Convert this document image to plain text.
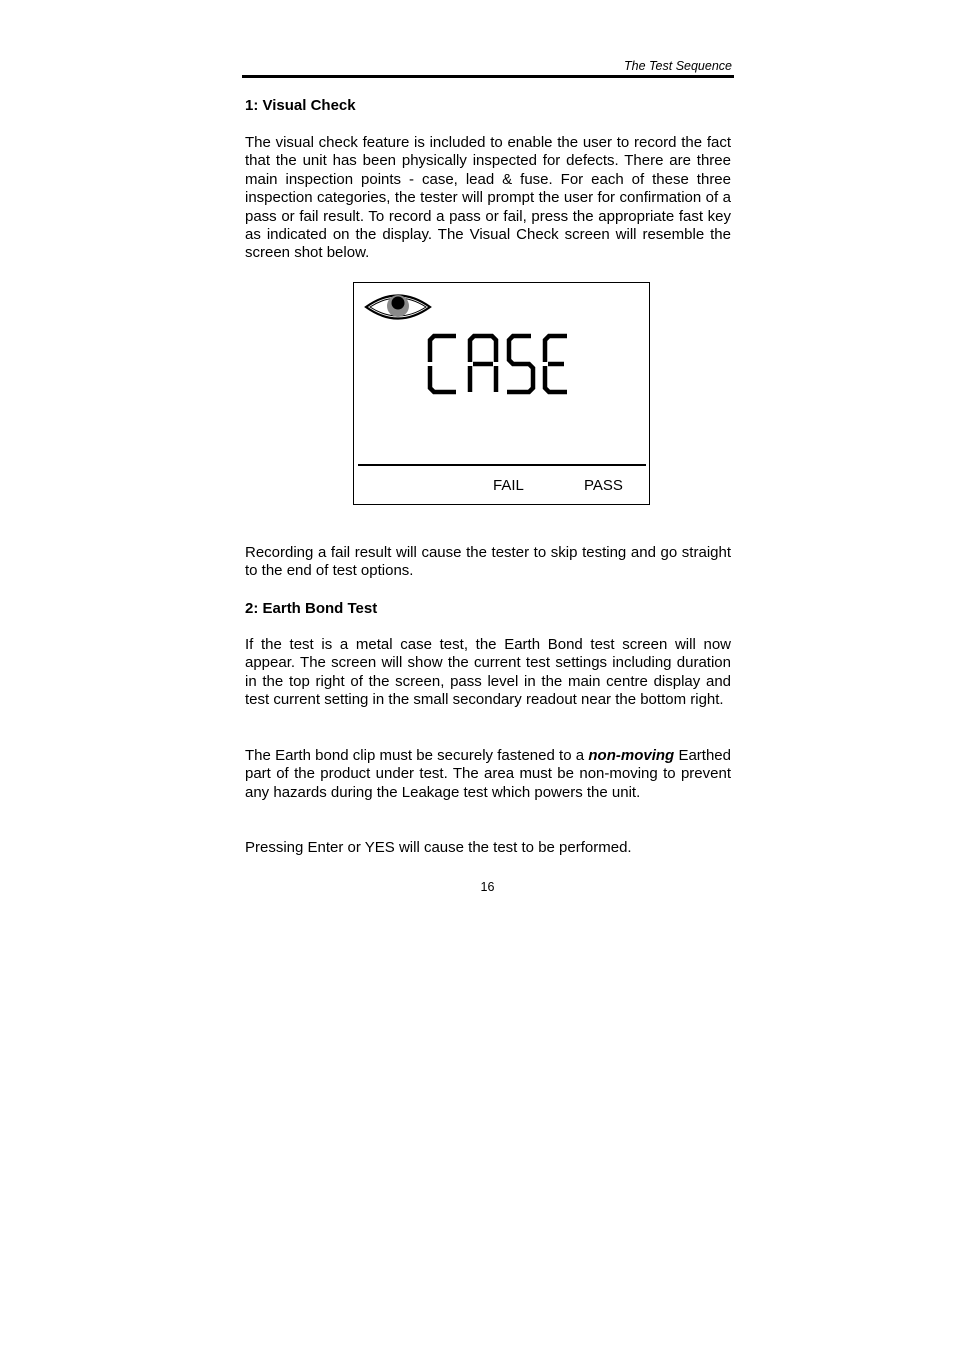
The Test Sequence
1: Visual Check

The visual check feature is included to enable the user to record the fact that the unit has been physically inspected for defects. There are three main inspection points - case, lead & fuse. For each of these three inspection categories, the tester will prompt the user for confirmation of a pass or fail result. To record a pass or fail, press the appropriate fast key as indicated on the display. The Visual Check screen will resemble the screen shot below.

FAIL	PASS

Recording a fail result will cause the tester to skip testing and go straight to the end of test options.

2: Earth Bond Test

If the test is a metal case test, the Earth Bond test screen will now appear. The screen will show the current test settings including duration in the top right of the screen, pass level in the main centre display and test current setting in the small secondary readout near the bottom right.

The Earth bond clip must be securely fastened to a non-moving Earthed part of the product under test. The area must be non-moving to prevent any hazards during the Leakage test which powers the unit.

Pressing Enter or YES will cause the test to be performed.

16
